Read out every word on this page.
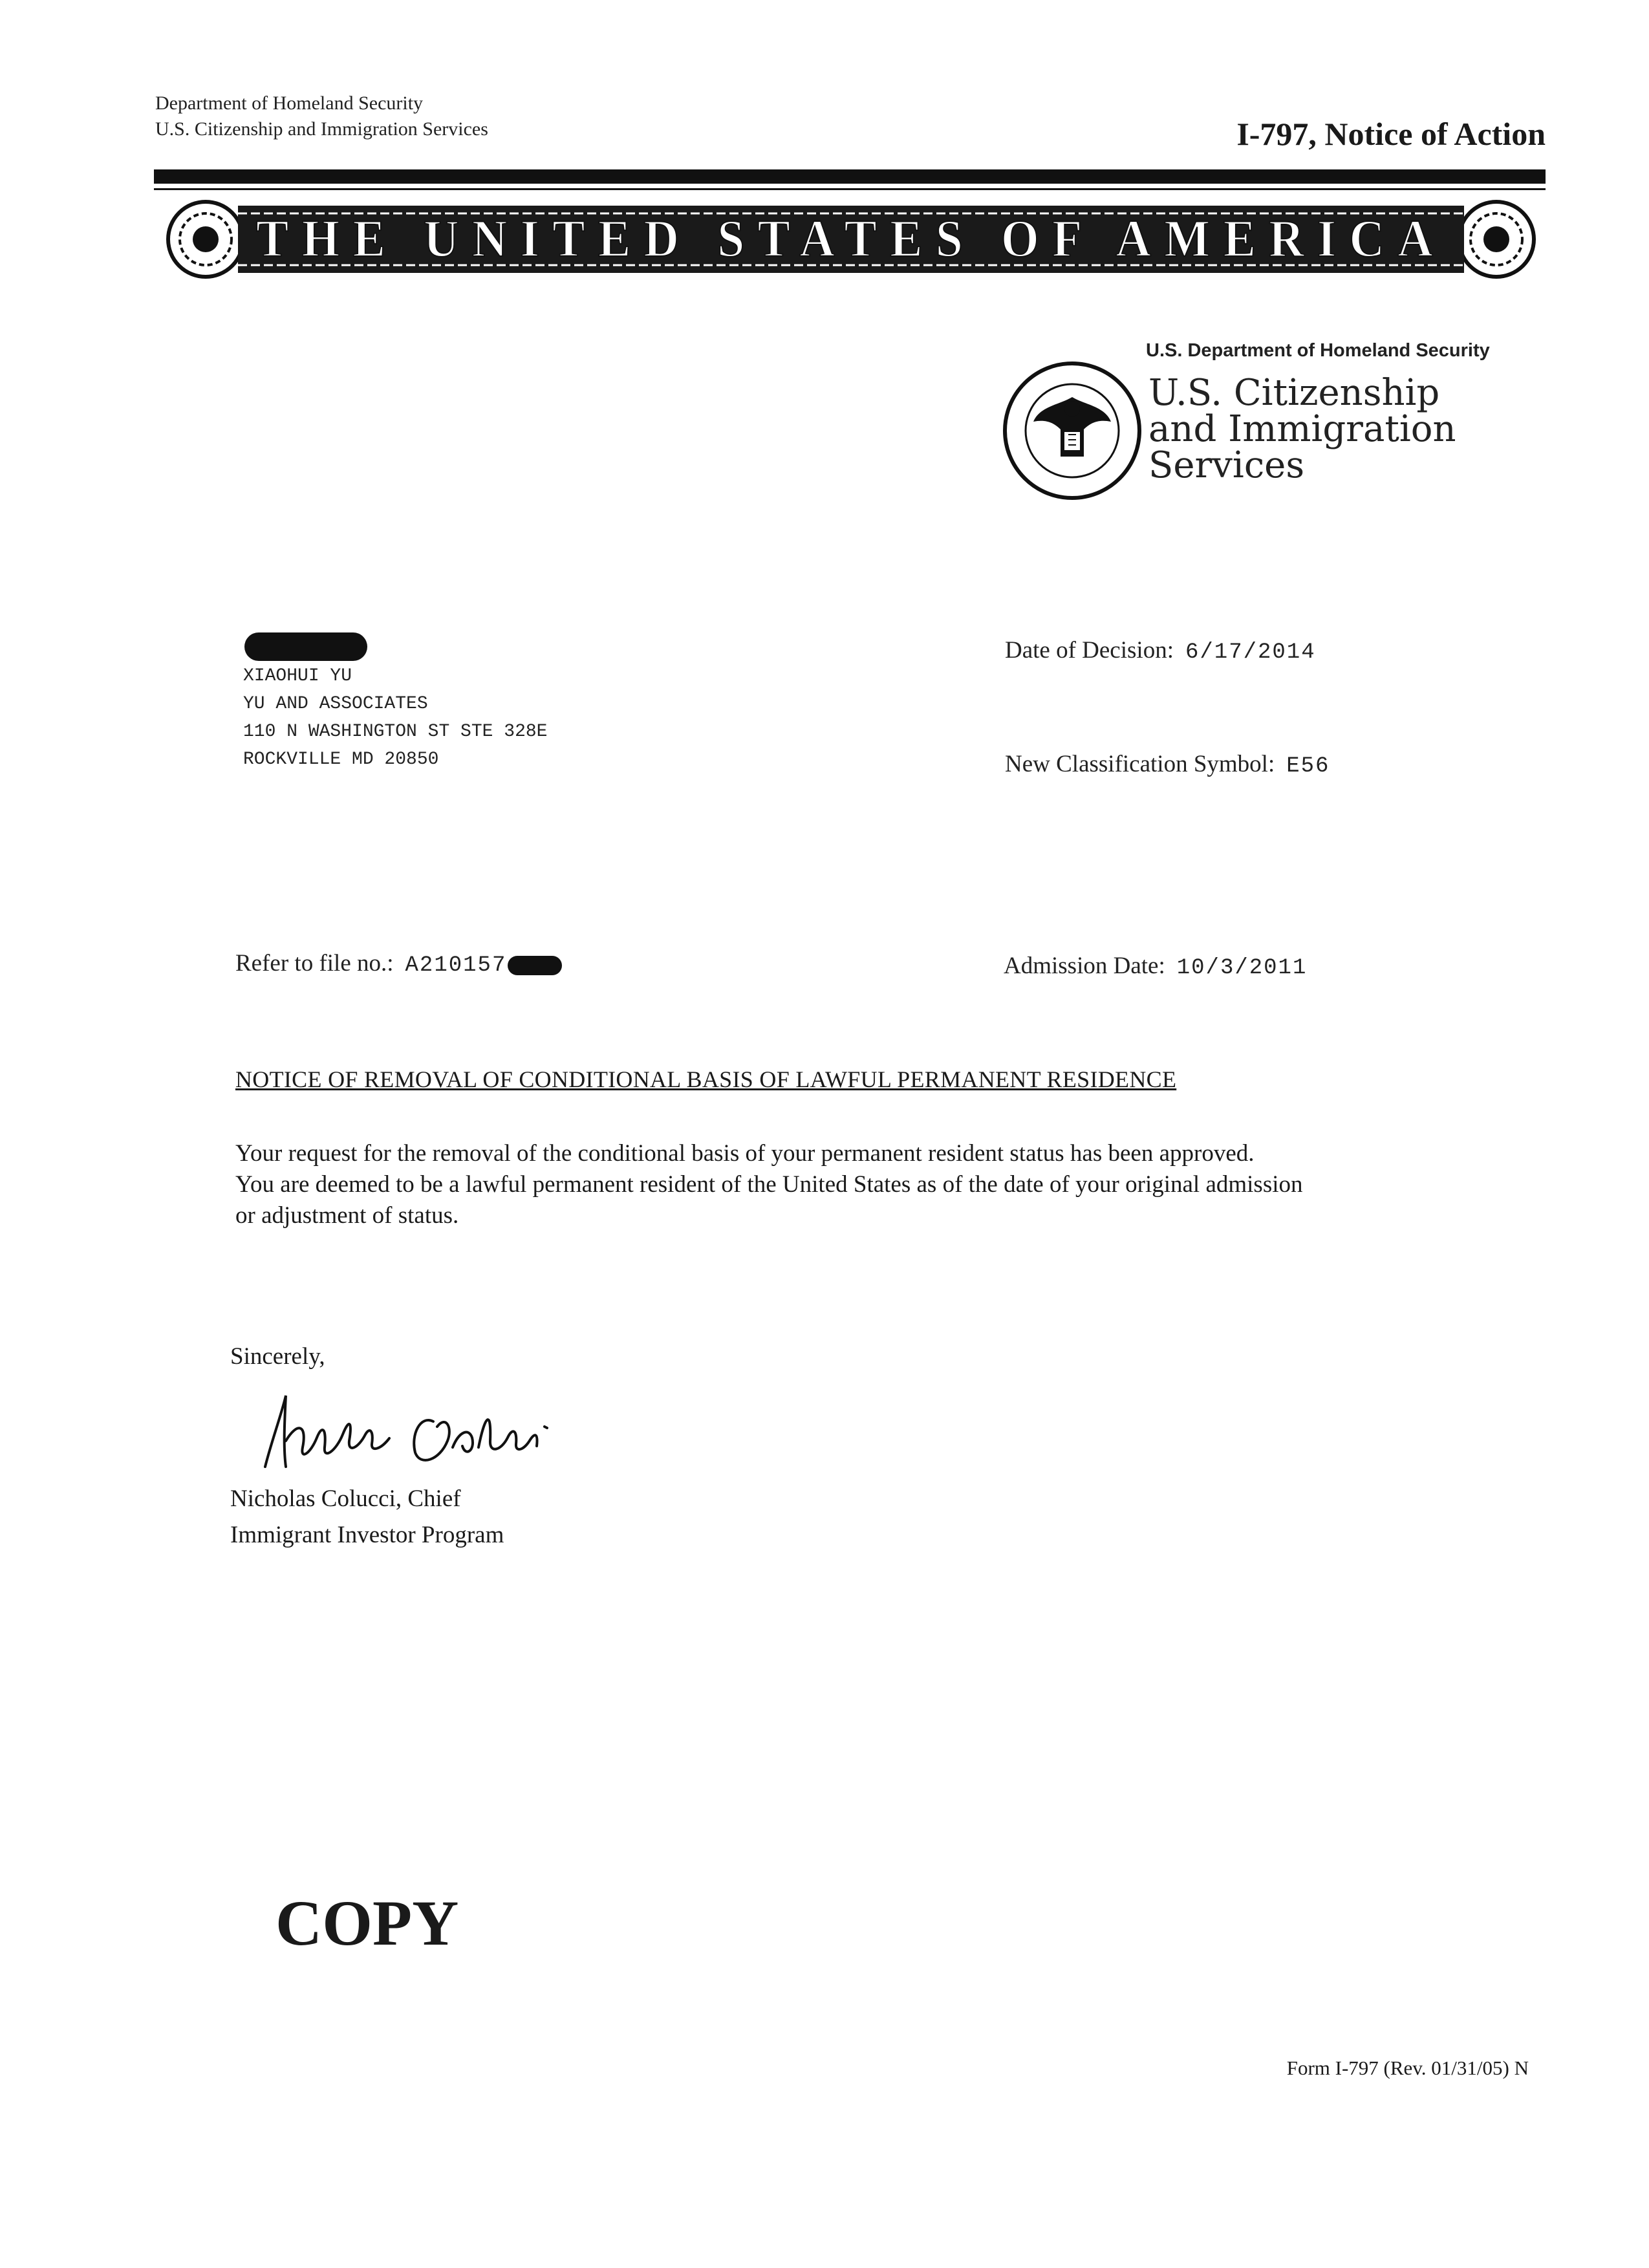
Department of Homeland Security
U.S. Citizenship and Immigration Services	I-797, Notice of Action
THE UNITED STATES OF AMERICA
U.S. Department of Homeland Security
U.S. Citizenship
and Immigration
Services
XIAOHUI YU
YU AND ASSOCIATES
110 N WASHINGTON ST STE 328E
ROCKVILLE MD 20850
Date of Decision: 6/17/2014
New Classification Symbol: E56
Refer to file no.: A210157	Admission Date: 10/3/2011
NOTICE OF REMOVAL OF CONDITIONAL BASIS OF LAWFUL PERMANENT RESIDENCE
Your request for the removal of the conditional basis of your permanent resident status has been approved.
You are deemed to be a lawful permanent resident of the United States as of the date of your original admission
or adjustment of status.
Sincerely,
Nicholas Colucci, Chief
Immigrant Investor Program
COPY
Form I-797 (Rev. 01/31/05) N
